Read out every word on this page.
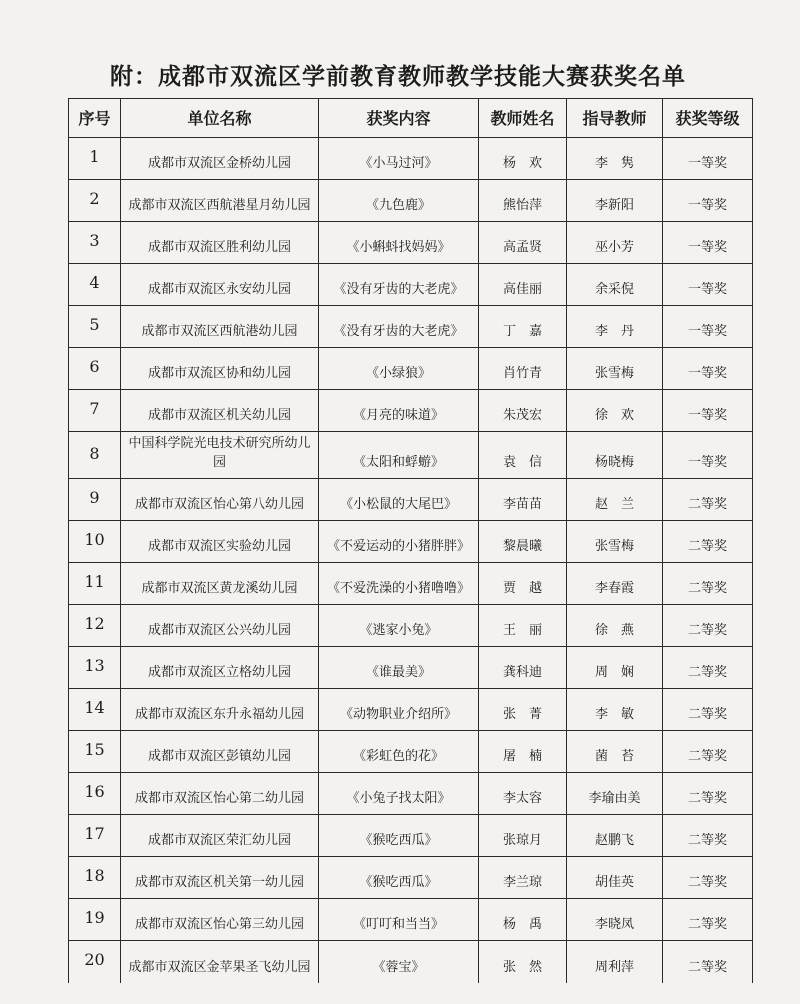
附：成都市双流区学前教育教师教学技能大赛获奖名单
序号	单位名称	获奖内容	教师姓名	指导教师	获奖等级
1	成都市双流区金桥幼儿园	《小马过河》	杨　欢	李　隽	一等奖
2	成都市双流区西航港星月幼儿园	《九色鹿》	熊怡萍	李新阳	一等奖
3	成都市双流区胜利幼儿园	《小蝌蚪找妈妈》	高孟贤	巫小芳	一等奖
4	成都市双流区永安幼儿园	《没有牙齿的大老虎》	高佳丽	余采倪	一等奖
5	成都市双流区西航港幼儿园	《没有牙齿的大老虎》	丁　嘉	李　丹	一等奖
6	成都市双流区协和幼儿园	《小绿狼》	肖竹青	张雪梅	一等奖
7	成都市双流区机关幼儿园	《月亮的味道》	朱茂宏	徐　欢	一等奖
8	中国科学院光电技术研究所幼儿园	《太阳和蜉蝣》	袁　信	杨晓梅	一等奖
9	成都市双流区怡心第八幼儿园	《小松鼠的大尾巴》	李苗苗	赵　兰	二等奖
10	成都市双流区实验幼儿园	《不爱运动的小猪胖胖》	黎晨曦	张雪梅	二等奖
11	成都市双流区黄龙溪幼儿园	《不爱洗澡的小猪噜噜》	贾　越	李春霞	二等奖
12	成都市双流区公兴幼儿园	《逃家小兔》	王　丽	徐　燕	二等奖
13	成都市双流区立格幼儿园	《谁最美》	龚科迪	周　娴	二等奖
14	成都市双流区东升永福幼儿园	《动物职业介绍所》	张　菁	李　敏	二等奖
15	成都市双流区彭镇幼儿园	《彩虹色的花》	屠　楠	菌　苔	二等奖
16	成都市双流区怡心第二幼儿园	《小兔子找太阳》	李太容	李瑜由美	二等奖
17	成都市双流区荣汇幼儿园	《猴吃西瓜》	张琼月	赵鹏飞	二等奖
18	成都市双流区机关第一幼儿园	《猴吃西瓜》	李兰琼	胡佳英	二等奖
19	成都市双流区怡心第三幼儿园	《叮叮和当当》	杨　禹	李晓凤	二等奖
20	成都市双流区金苹果圣飞幼儿园	《蓉宝》	张　然	周利萍	二等奖
